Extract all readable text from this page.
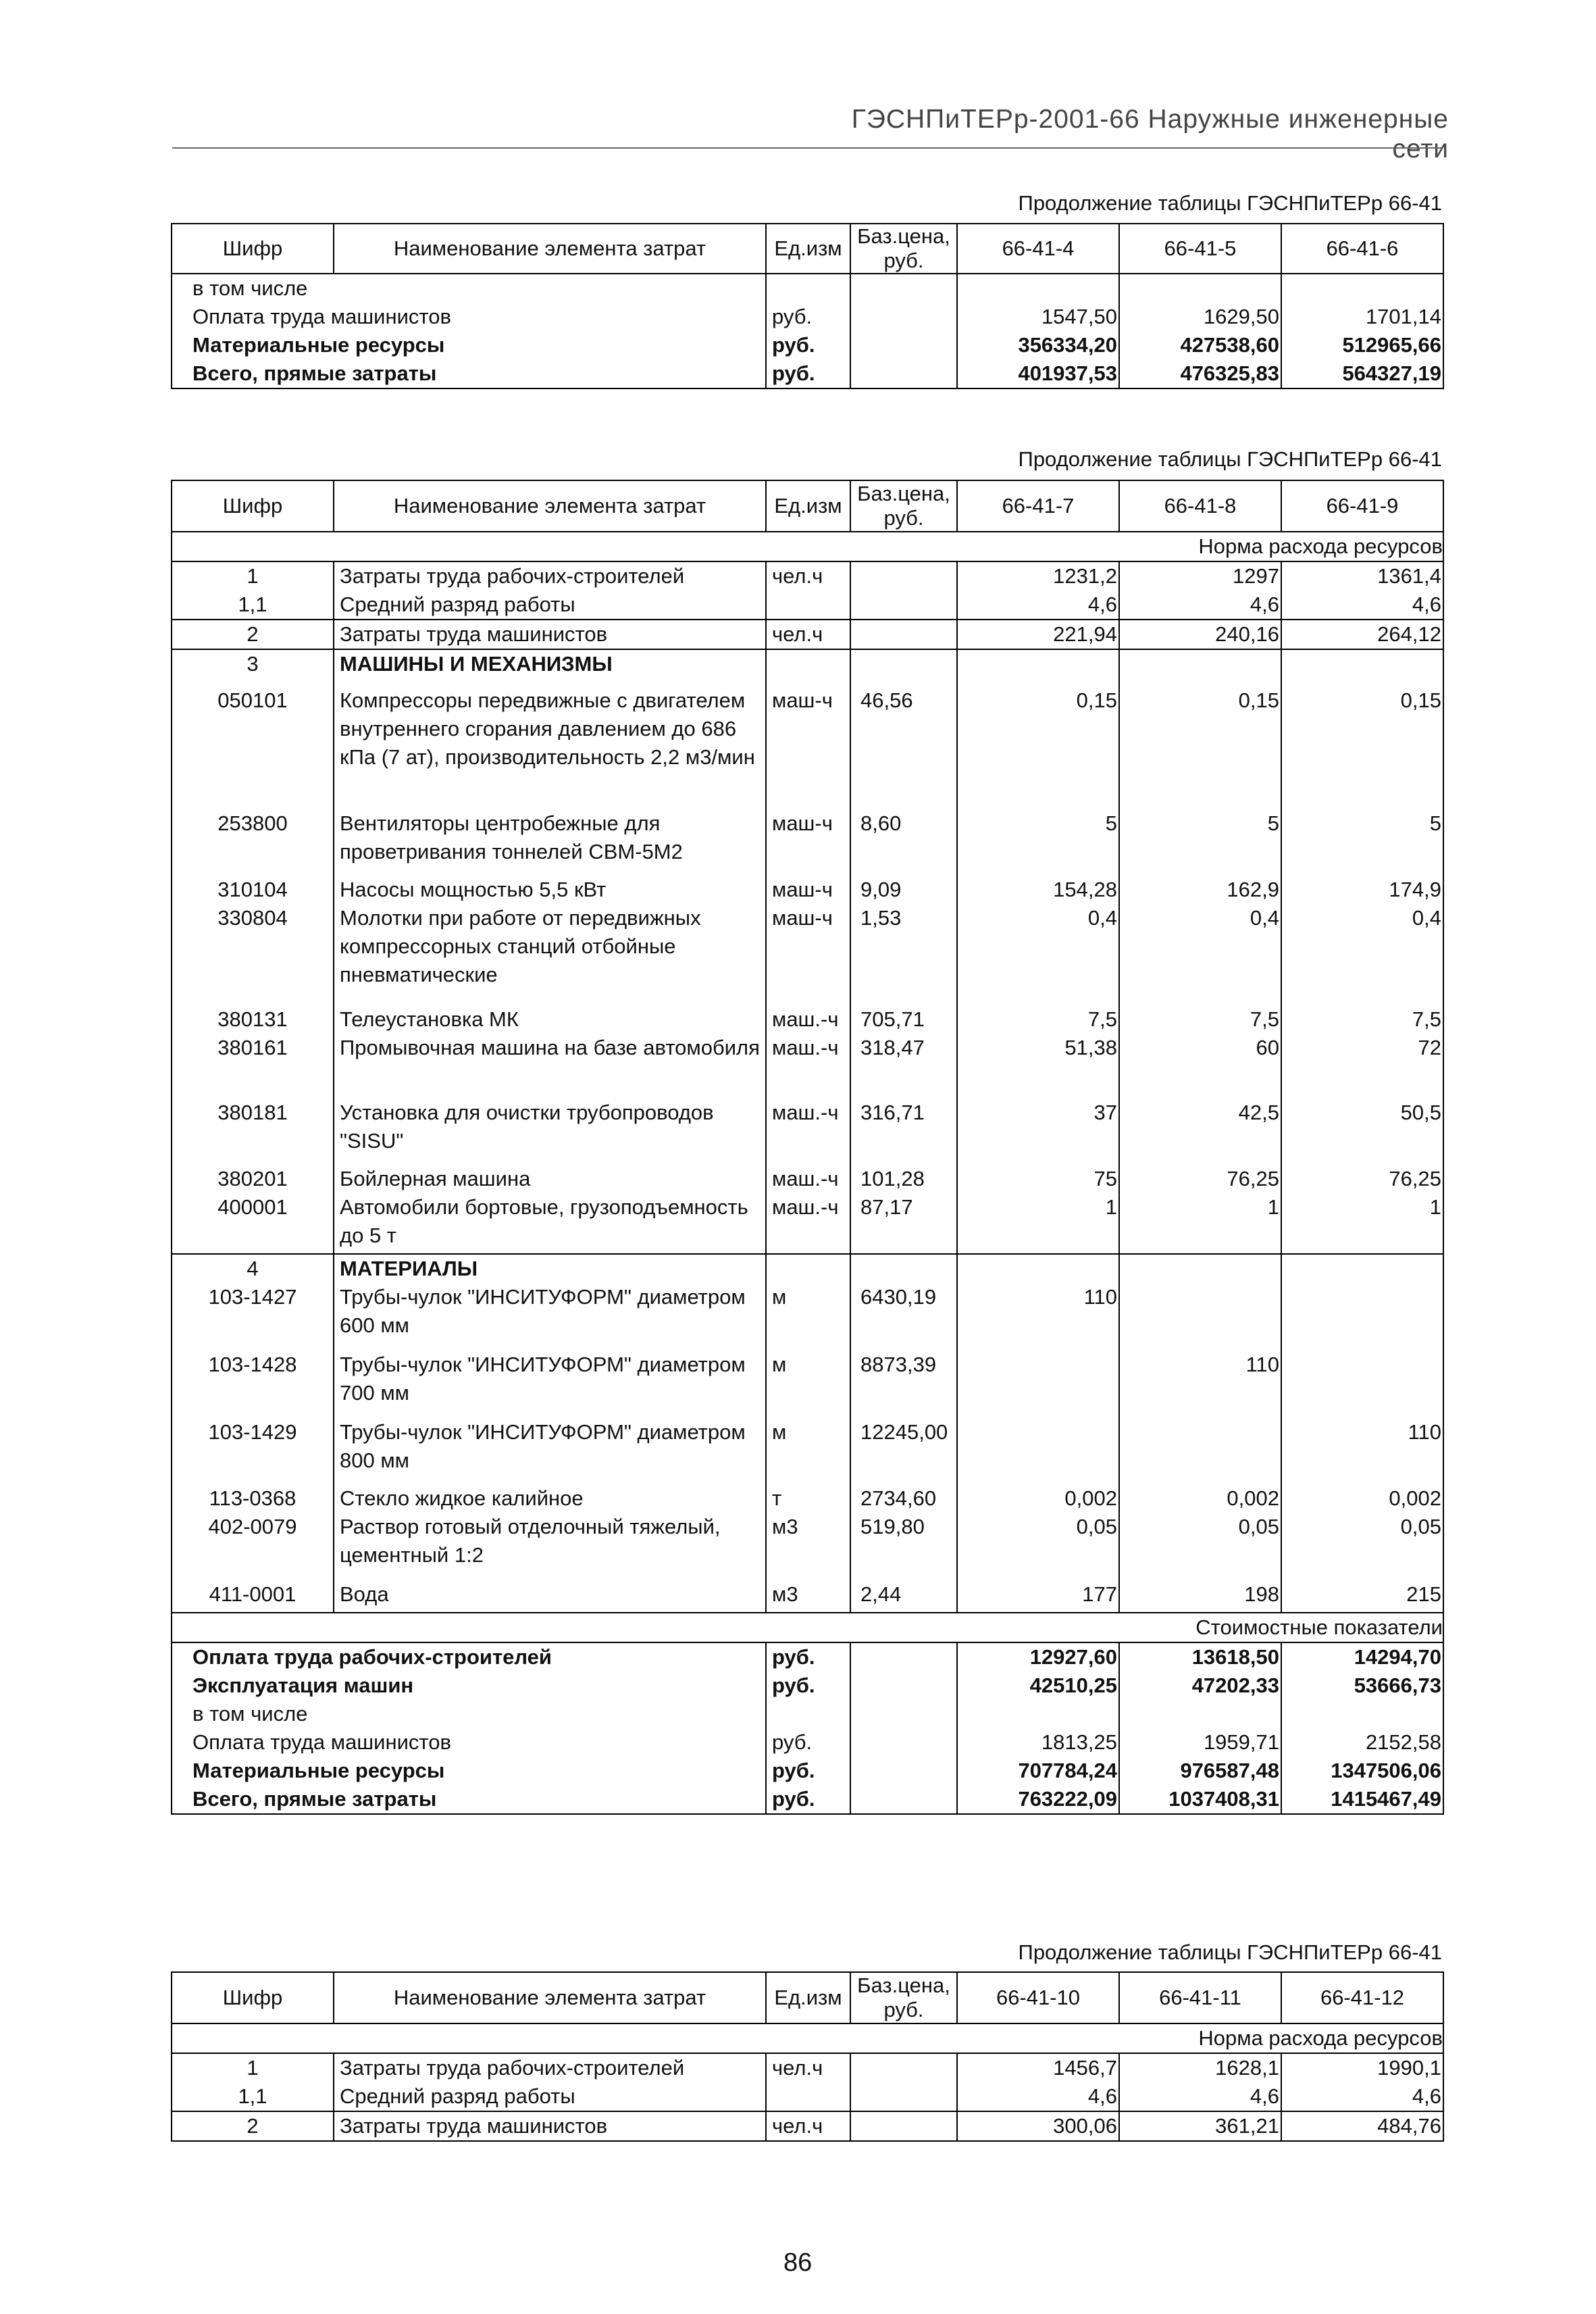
ГЭСНПиТЕРр-2001-66 Наружные инженерные сети
Продолжение таблицы ГЭСНПиТЕРр 66-41
Шифр	Наименование элемента затрат	Ед.изм	Баз.цена, руб.	66-41-4	66-41-5	66-41-6
в том числе						
Оплата труда машинистов		руб.		1547,50	1629,50	1701,14
Материальные ресурсы		руб.		356334,20	427538,60	512965,66
Всего, прямые затраты		руб.		401937,53	476325,83	564327,19
Продолжение таблицы ГЭСНПиТЕРр 66-41
Шифр	Наименование элемента затрат	Ед.изм	Баз.цена, руб.	66-41-7	66-41-8	66-41-9
Норма расхода ресурсов						
1	Затраты труда рабочих-строителей	чел.ч		1231,2	1297	1361,4
1,1	Средний разряд работы			4,6	4,6	4,6
2	Затраты труда машинистов	чел.ч		221,94	240,16	264,12
3	МАШИНЫ И МЕХАНИЗМЫ					
050101	Компрессоры передвижные с двигателем внутреннего сгорания давлением до 686 кПа (7 ат), производительность 2,2 м3/мин	маш-ч	46,56	0,15	0,15	0,15
253800	Вентиляторы центробежные для проветривания тоннелей СВМ-5М2	маш-ч	8,60	5	5	5
310104	Насосы мощностью 5,5 кВт	маш-ч	9,09	154,28	162,9	174,9
330804	Молотки при работе от передвижных компрессорных станций отбойные пневматические	маш-ч	1,53	0,4	0,4	0,4
380131	Телеустановка МК	маш.-ч	705,71	7,5	7,5	7,5
380161	Промывочная машина на базе автомобиля	маш.-ч	318,47	51,38	60	72
380181	Установка для очистки трубопроводов "SISU"	маш.-ч	316,71	37	42,5	50,5
380201	Бойлерная машина	маш.-ч	101,28	75	76,25	76,25
400001	Автомобили бортовые, грузоподъемность до 5 т	маш.-ч	87,17	1	1	1
4	МАТЕРИАЛЫ					
103-1427	Трубы-чулок "ИНСИТУФОРМ" диаметром 600 мм	м	6430,19	110		
103-1428	Трубы-чулок "ИНСИТУФОРМ" диаметром 700 мм	м	8873,39		110	
103-1429	Трубы-чулок "ИНСИТУФОРМ" диаметром 800 мм	м	12245,00			110
113-0368	Стекло жидкое калийное	т	2734,60	0,002	0,002	0,002
402-0079	Раствор готовый отделочный тяжелый, цементный 1:2	м3	519,80	0,05	0,05	0,05
411-0001	Вода	м3	2,44	177	198	215
Стоимостные показатели						
Оплата труда рабочих-строителей		руб.		12927,60	13618,50	14294,70
Эксплуатация машин		руб.		42510,25	47202,33	53666,73
в том числе						
Оплата труда машинистов		руб.		1813,25	1959,71	2152,58
Материальные ресурсы		руб.		707784,24	976587,48	1347506,06
Всего, прямые затраты		руб.		763222,09	1037408,31	1415467,49
Продолжение таблицы ГЭСНПиТЕРр 66-41
Шифр	Наименование элемента затрат	Ед.изм	Баз.цена, руб.	66-41-10	66-41-11	66-41-12
Норма расхода ресурсов						
1	Затраты труда рабочих-строителей	чел.ч		1456,7	1628,1	1990,1
1,1	Средний разряд работы			4,6	4,6	4,6
2	Затраты труда машинистов	чел.ч		300,06	361,21	484,76
86
